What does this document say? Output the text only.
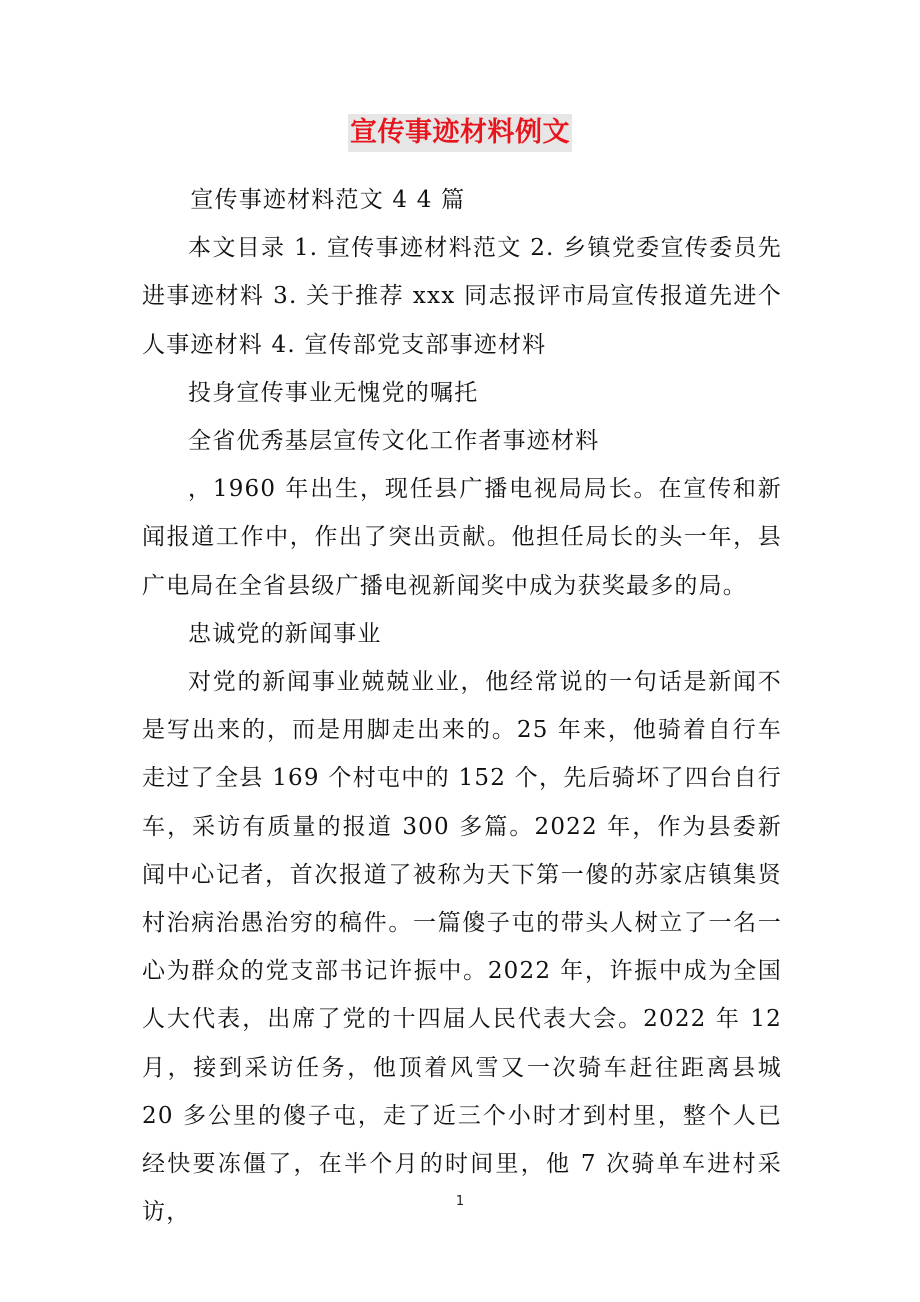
宣传事迹材料例文

宣传事迹材料范文 4 4 篇

本文目录 1. 宣传事迹材料范文 2. 乡镇党委宣传委员先进事迹材料 3. 关于推荐 xxx 同志报评市局宣传报道先进个人事迹材料 4. 宣传部党支部事迹材料

投身宣传事业无愧党的嘱托

全省优秀基层宣传文化工作者事迹材料

，1960 年出生，现任县广播电视局局长。在宣传和新闻报道工作中，作出了突出贡献。他担任局长的头一年，县广电局在全省县级广播电视新闻奖中成为获奖最多的局。

忠诚党的新闻事业

对党的新闻事业兢兢业业，他经常说的一句话是新闻不是写出来的，而是用脚走出来的。25 年来，他骑着自行车走过了全县 169 个村屯中的 152 个，先后骑坏了四台自行车，采访有质量的报道 300 多篇。2022 年，作为县委新闻中心记者，首次报道了被称为天下第一傻的苏家店镇集贤村治病治愚治穷的稿件。一篇傻子屯的带头人树立了一名一心为群众的党支部书记许振中。2022 年，许振中成为全国人大代表，出席了党的十四届人民代表大会。2022 年 12 月，接到采访任务，他顶着风雪又一次骑车赶往距离县城 20 多公里的傻子屯，走了近三个小时才到村里，整个人已经快要冻僵了，在半个月的时间里，他 7 次骑单车进村采访，	1
